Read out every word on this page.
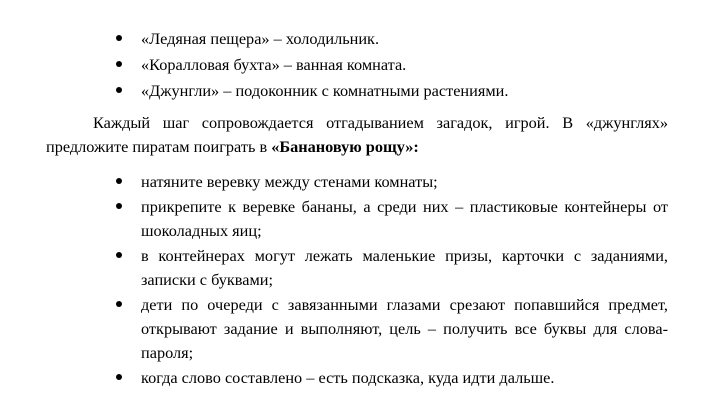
«Ледяная пещера» – холодильник.
«Коралловая бухта» – ванная комната.
«Джунгли» – подоконник с комнатными растениями.

Каждый шаг сопровождается отгадыванием загадок, игрой. В «джунглях» предложите пиратам поиграть в «Банановую рощу»:

натяните веревку между стенами комнаты;
прикрепите к веревке бананы, а среди них – пластиковые контейнеры от шоколадных яиц;
в контейнерах могут лежать маленькие призы, карточки с заданиями, записки с буквами;
дети по очереди с завязанными глазами срезают попавшийся предмет, открывают задание и выполняют, цель – получить все буквы для слова-пароля;
когда слово составлено – есть подсказка, куда идти дальше.
